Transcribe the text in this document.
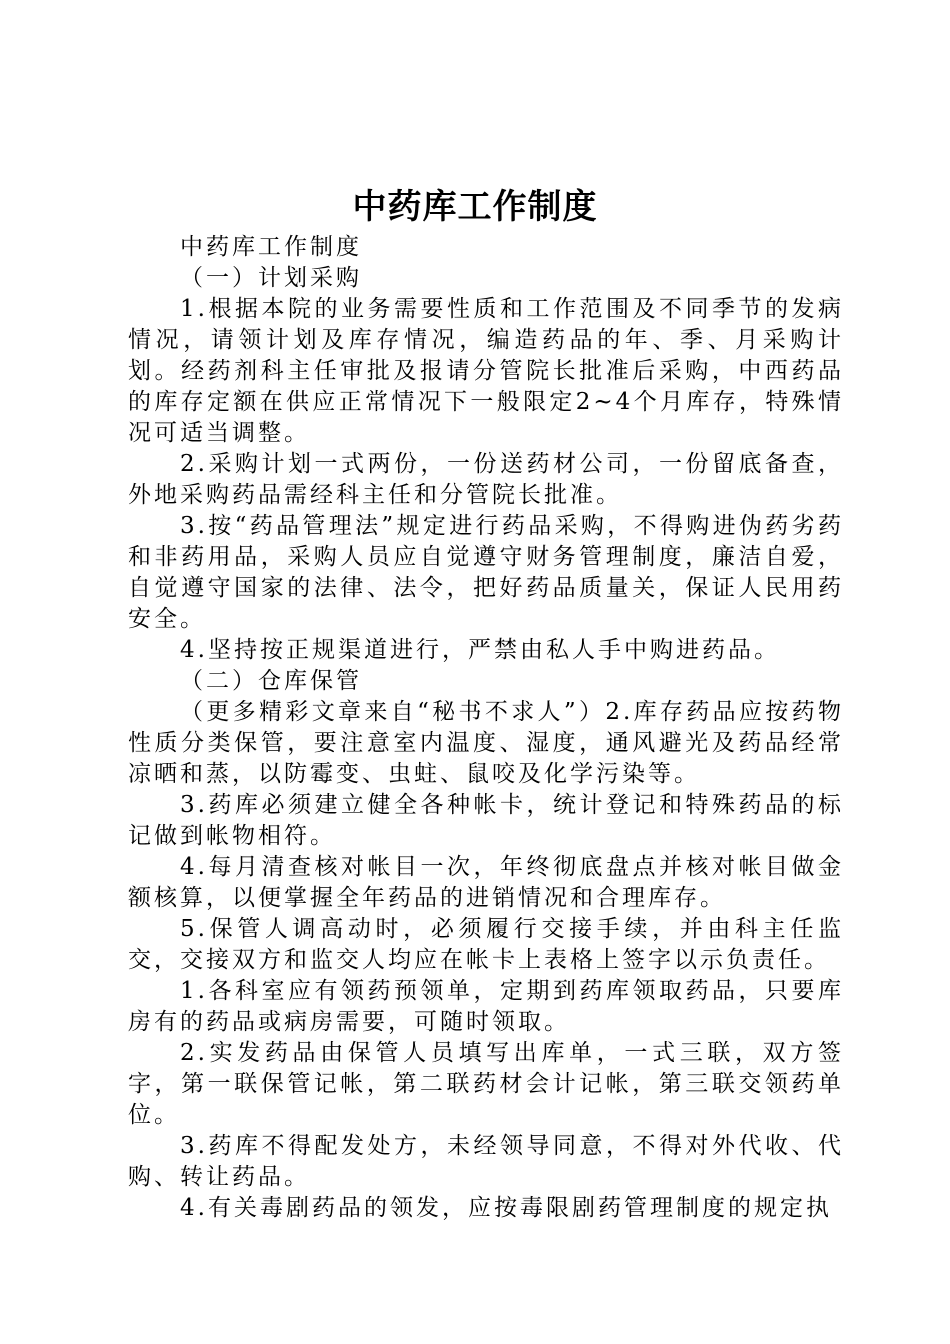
中药库工作制度

中药库工作制度

（一）计划采购

1.根据本院的业务需要性质和工作范围及不同季节的发病情况，请领计划及库存情况，编造药品的年、季、月采购计划。经药剂科主任审批及报请分管院长批准后采购，中西药品的库存定额在供应正常情况下一般限定2~4个月库存，特殊情况可适当调整。

2.采购计划一式两份，一份送药材公司，一份留底备查，外地采购药品需经科主任和分管院长批准。

3.按“药品管理法”规定进行药品采购，不得购进伪药劣药和非药用品，采购人员应自觉遵守财务管理制度，廉洁自爱，自觉遵守国家的法律、法令，把好药品质量关，保证人民用药安全。

4.坚持按正规渠道进行，严禁由私人手中购进药品。

（二）仓库保管

（更多精彩文章来自“秘书不求人”）2.库存药品应按药物性质分类保管，要注意室内温度、湿度，通风避光及药品经常凉晒和蒸，以防霉变、虫蛀、鼠咬及化学污染等。

3.药库必须建立健全各种帐卡，统计登记和特殊药品的标记做到帐物相符。

4.每月清查核对帐目一次，年终彻底盘点并核对帐目做金额核算，以便掌握全年药品的进销情况和合理库存。

5.保管人调高动时，必须履行交接手续，并由科主任监交，交接双方和监交人均应在帐卡上表格上签字以示负责任。

1.各科室应有领药预领单，定期到药库领取药品，只要库房有的药品或病房需要，可随时领取。

2.实发药品由保管人员填写出库单，一式三联，双方签字，第一联保管记帐，第二联药材会计记帐，第三联交领药单位。

3.药库不得配发处方，未经领导同意，不得对外代收、代购、转让药品。

4.有关毒剧药品的领发，应按毒限剧药管理制度的规定执
